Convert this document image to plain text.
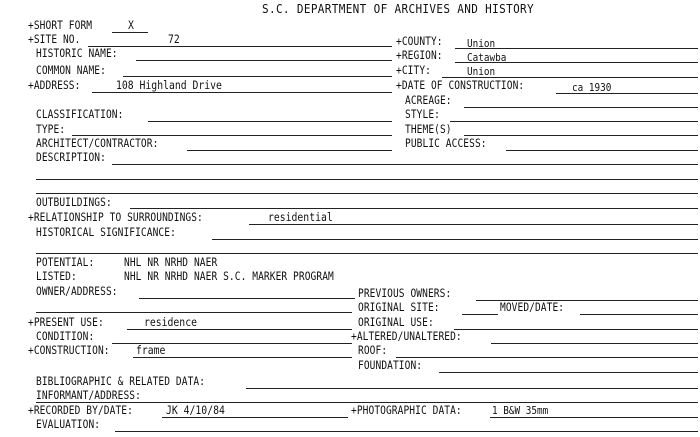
S.C. DEPARTMENT OF ARCHIVES AND HISTORY
+SHORT FORM	X
+SITE NO.	72	+COUNTY: Union
HISTORIC NAME:	+REGION: Catawba
COMMON NAME:	+CITY:	Union
+ADDRESS:	108 Highland Drive	+DATE OF CONSTRUCTION:	ca 1930
ACREAGE:
CLASSIFICATION:	STYLE:
TYPE:	THEME(S)
ARCHITECT/CONTRACTOR:	PUBLIC ACCESS:
DESCRIPTION:
OUTBUILDINGS:
+RELATIONSHIP TO SURROUNDINGS:	residential
HISTORICAL SIGNIFICANCE:
POTENTIAL:	NHL NR NRHD NAER
LISTED:	NHL NR NRHD NAER S.C. MARKER PROGRAM
OWNER/ADDRESS:	PREVIOUS OWNERS:
ORIGINAL SITE:	MOVED/DATE:
+PRESENT USE:	residence	ORIGINAL USE:
CONDITION:	+ALTERED/UNALTERED:
+CONSTRUCTION: frame	ROOF:
FOUNDATION:
BIBLIOGRAPHIC & RELATED DATA:
INFORMANT/ADDRESS:
+RECORDED BY/DATE:	JK 4/10/84	+PHOTOGRAPHIC DATA:	1 B&W 35mm
EVALUATION:
